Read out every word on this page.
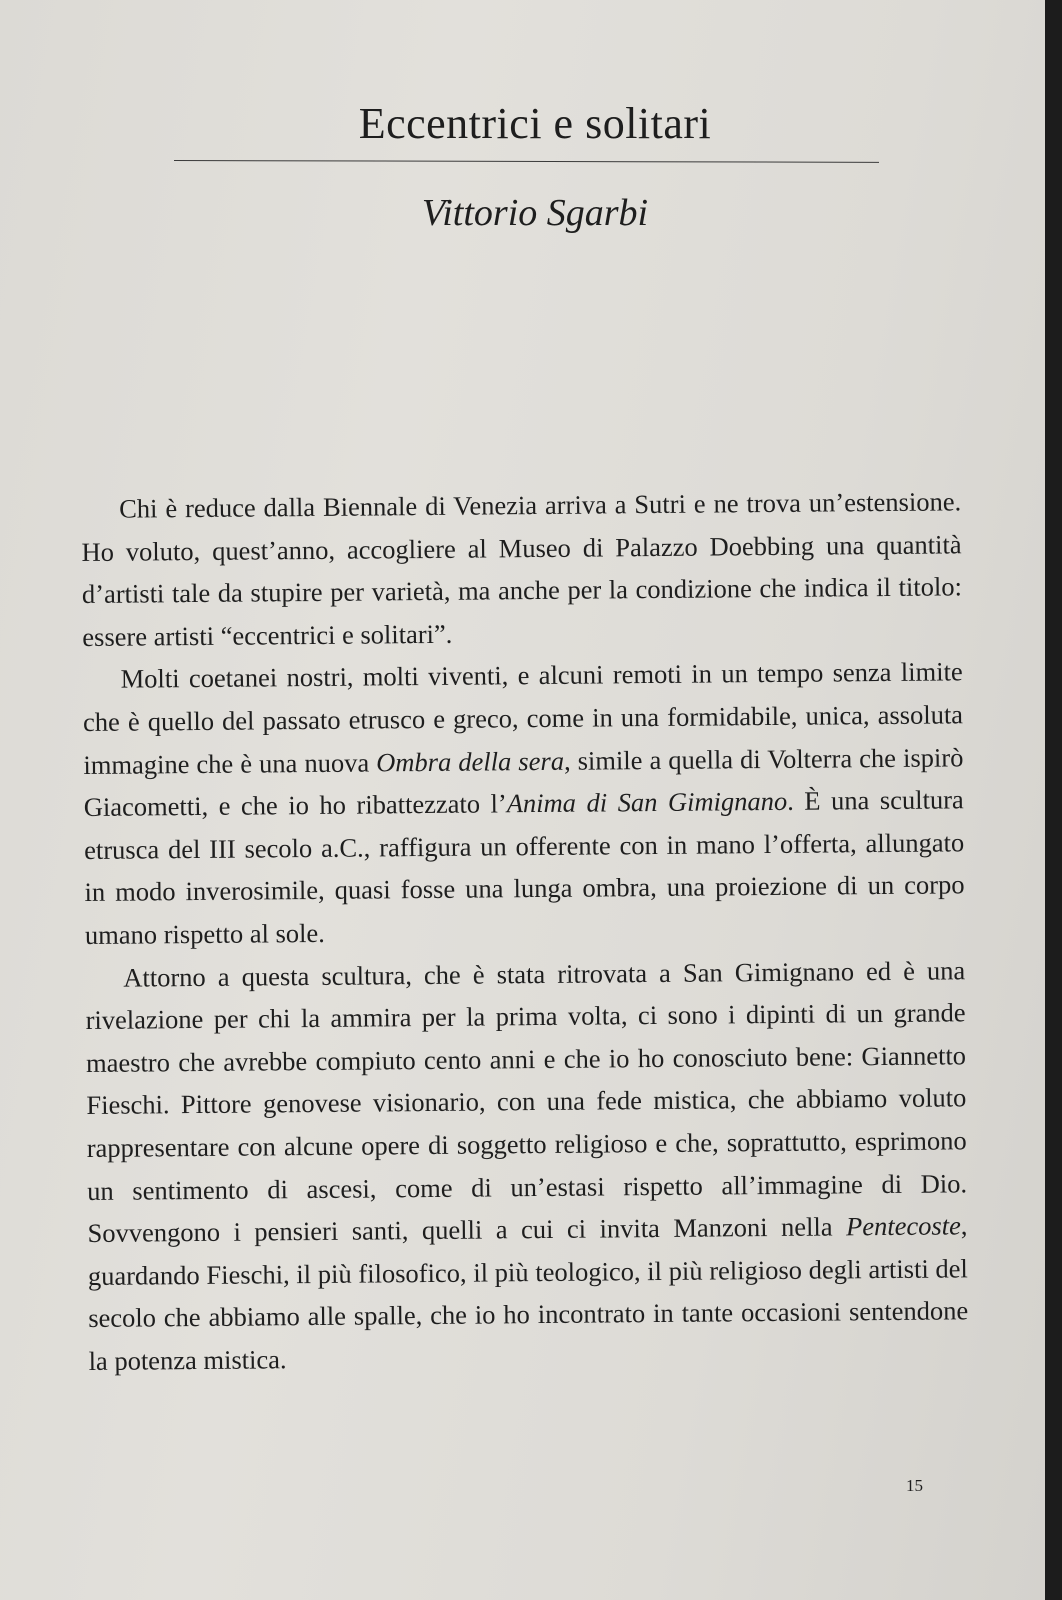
Eccentrici e solitari
Vittorio Sgarbi

Chi è reduce dalla Biennale di Venezia arriva a Sutri e ne trova un’estensione. Ho voluto, quest’anno, accogliere al Museo di Palazzo Doebbing una quantità d’artisti tale da stupire per varietà, ma anche per la condizione che indica il titolo: essere artisti “eccentrici e solitari”.

Molti coetanei nostri, molti viventi, e alcuni remoti in un tempo senza limite che è quello del passato etrusco e greco, come in una formidabile, unica, assoluta immagine che è una nuova Ombra della sera, simile a quella di Volterra che ispirò Giacometti, e che io ho ribattezzato l’Anima di San Gimignano. È una scultura etrusca del III secolo a.C., raffigura un offerente con in mano l’offerta, allungato in modo inverosimile, quasi fosse una lunga ombra, una proiezione di un corpo umano rispetto al sole.

Attorno a questa scultura, che è stata ritrovata a San Gimignano ed è una rivelazione per chi la ammira per la prima volta, ci sono i dipinti di un grande maestro che avrebbe compiuto cento anni e che io ho conosciuto bene: Giannetto Fieschi. Pittore genovese visionario, con una fede mistica, che abbiamo voluto rappresentare con alcune opere di soggetto religioso e che, soprattutto, esprimono un sentimento di ascesi, come di un’estasi rispetto all’immagine di Dio. Sovvengono i pensieri santi, quelli a cui ci invita Manzoni nella Pentecoste, guardando Fieschi, il più filosofico, il più teologico, il più religioso degli artisti del secolo che abbiamo alle spalle, che io ho incontrato in tante occasioni sentendone la potenza mistica.

15
